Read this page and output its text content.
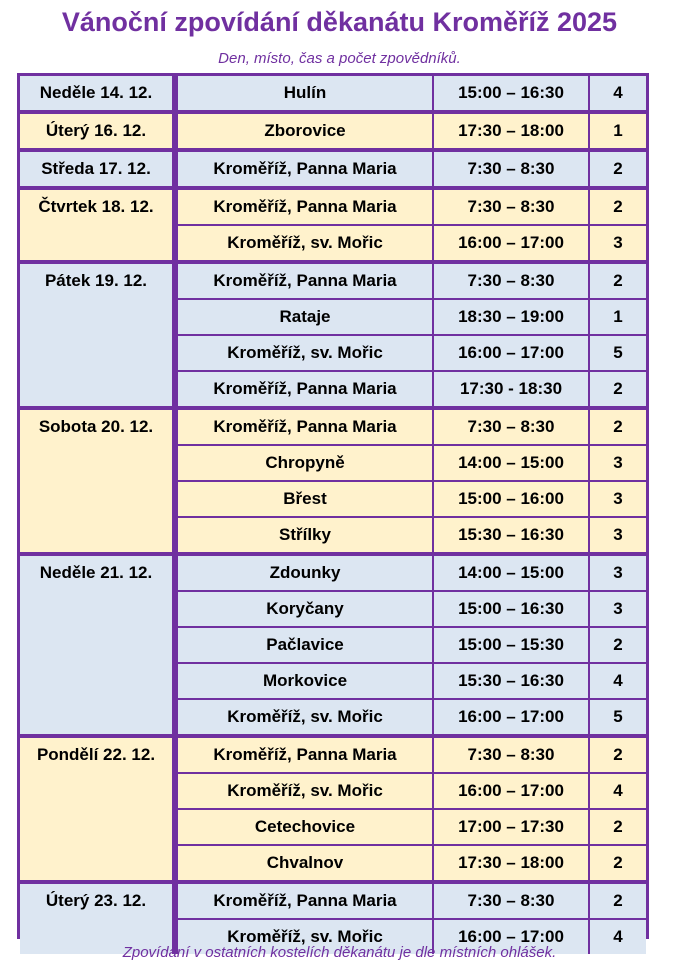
Vánoční zpovídání děkanátu Kroměříž 2025
Den, místo, čas a počet zpovědníků.
Neděle 14. 12.	Hulín	15:00 – 16:30	4
Úterý 16. 12.	Zborovice	17:30 – 18:00	1
Středa 17. 12.	Kroměříž, Panna Maria	7:30 – 8:30	2
Čtvrtek 18. 12.	Kroměříž, Panna Maria	7:30 – 8:30	2
Kroměříž, sv. Mořic	16:00 – 17:00	3
Pátek 19. 12.	Kroměříž, Panna Maria	7:30 – 8:30	2
Rataje	18:30 – 19:00	1
Kroměříž, sv. Mořic	16:00 – 17:00	5
Kroměříž, Panna Maria	17:30 - 18:30	2
Sobota 20. 12.	Kroměříž, Panna Maria	7:30 – 8:30	2
Chropyně	14:00 – 15:00	3
Břest	15:00 – 16:00	3
Střílky	15:30 – 16:30	3
Neděle 21. 12.	Zdounky	14:00 – 15:00	3
Koryčany	15:00 – 16:30	3
Pačlavice	15:00 – 15:30	2
Morkovice	15:30 – 16:30	4
Kroměříž, sv. Mořic	16:00 – 17:00	5
Pondělí 22. 12.	Kroměříž, Panna Maria	7:30 – 8:30	2
Kroměříž, sv. Mořic	16:00 – 17:00	4
Cetechovice	17:00 – 17:30	2
Chvalnov	17:30 – 18:00	2
Úterý 23. 12.	Kroměříž, Panna Maria	7:30 – 8:30	2
Kroměříž, sv. Mořic	16:00 – 17:00	4
Zpovídání v ostatních kostelích děkanátu je dle místních ohlášek.
